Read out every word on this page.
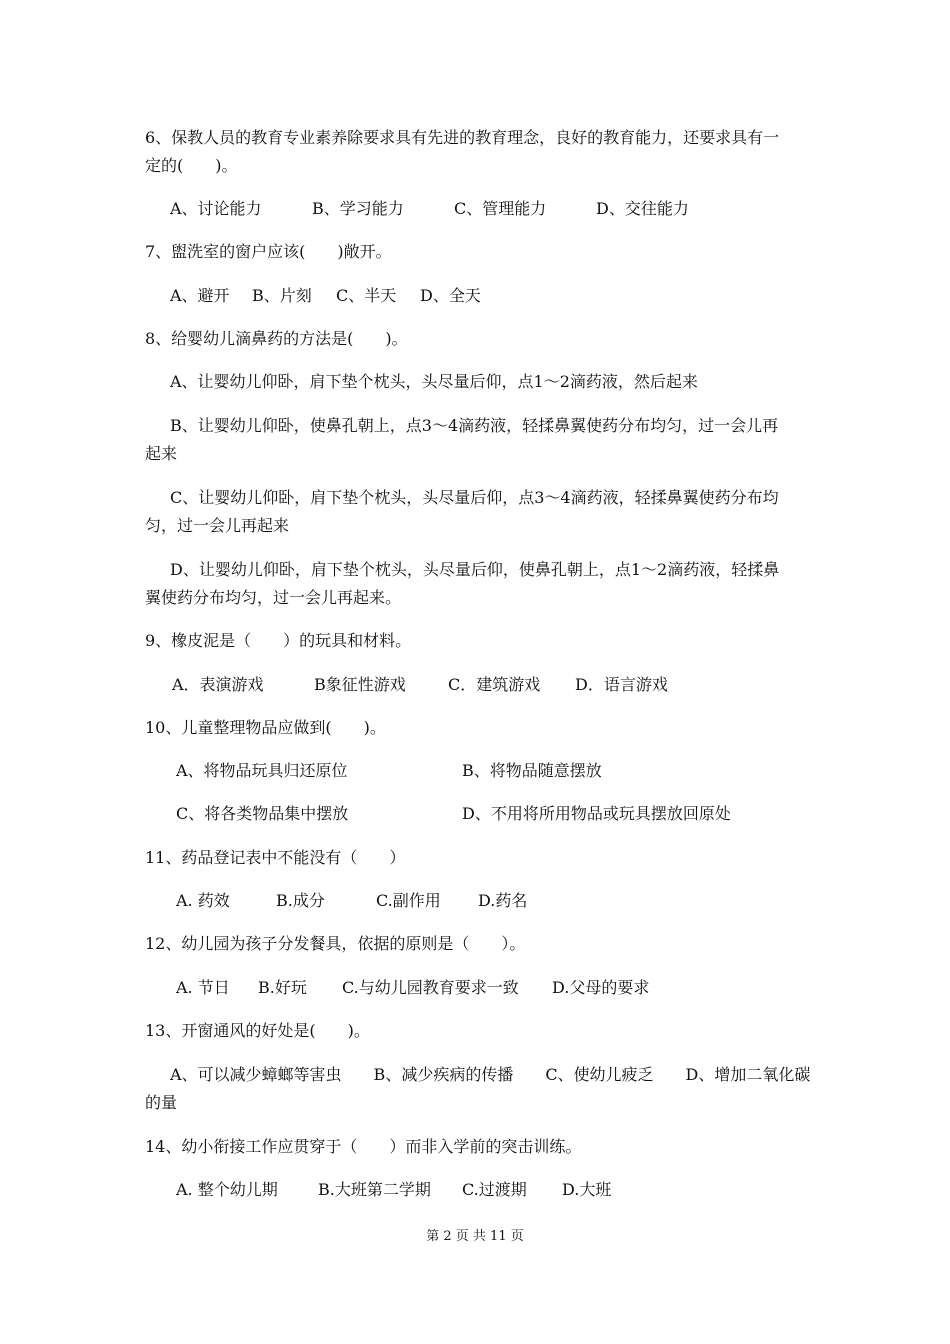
6、保教人员的教育专业素养除要求具有先进的教育理念，良好的教育能力，还要求具有一
定的(　　)。
A、讨论能力	B、学习能力	C、管理能力	D、交往能力
7、盥洗室的窗户应该(　　)敞开。
A、避开 B、片刻 C、半天 D、全天
8、给婴幼儿滴鼻药的方法是(　　)。
A、让婴幼儿仰卧，肩下垫个枕头，头尽量后仰，点1～2滴药液，然后起来
B、让婴幼儿仰卧，使鼻孔朝上，点3～4滴药液，轻揉鼻翼使药分布均匀，过一会儿再
起来
C、让婴幼儿仰卧，肩下垫个枕头，头尽量后仰，点3～4滴药液，轻揉鼻翼使药分布均
匀，过一会儿再起来
D、让婴幼儿仰卧，肩下垫个枕头，头尽量后仰，使鼻孔朝上，点1～2滴药液，轻揉鼻
翼使药分布均匀，过一会儿再起来。
9、橡皮泥是（　　）的玩具和材料。
A．表演游戏	B象征性游戏	C．建筑游戏 D．语言游戏
10、儿童整理物品应做到(　　)。
A、将物品玩具归还原位	B、将物品随意摆放
C、将各类物品集中摆放	D、不用将所用物品或玩具摆放回原处
11、药品登记表中不能没有（　　）
A. 药效	B.成分	C.副作用 D.药名
12、幼儿园为孩子分发餐具，依据的原则是（　　）。
A. 节日 B.好玩 C.与幼儿园教育要求一致 D.父母的要求
13、开窗通风的好处是(　　)。
A、可以减少蟑螂等害虫　　B、减少疾病的传播　　C、使幼儿疲乏　　D、增加二氧化碳
的量
14、幼小衔接工作应贯穿于（　　）而非入学前的突击训练。
A. 整个幼儿期	B.大班第二学期 C.过渡期 D.大班
第 2 页 共 11 页
